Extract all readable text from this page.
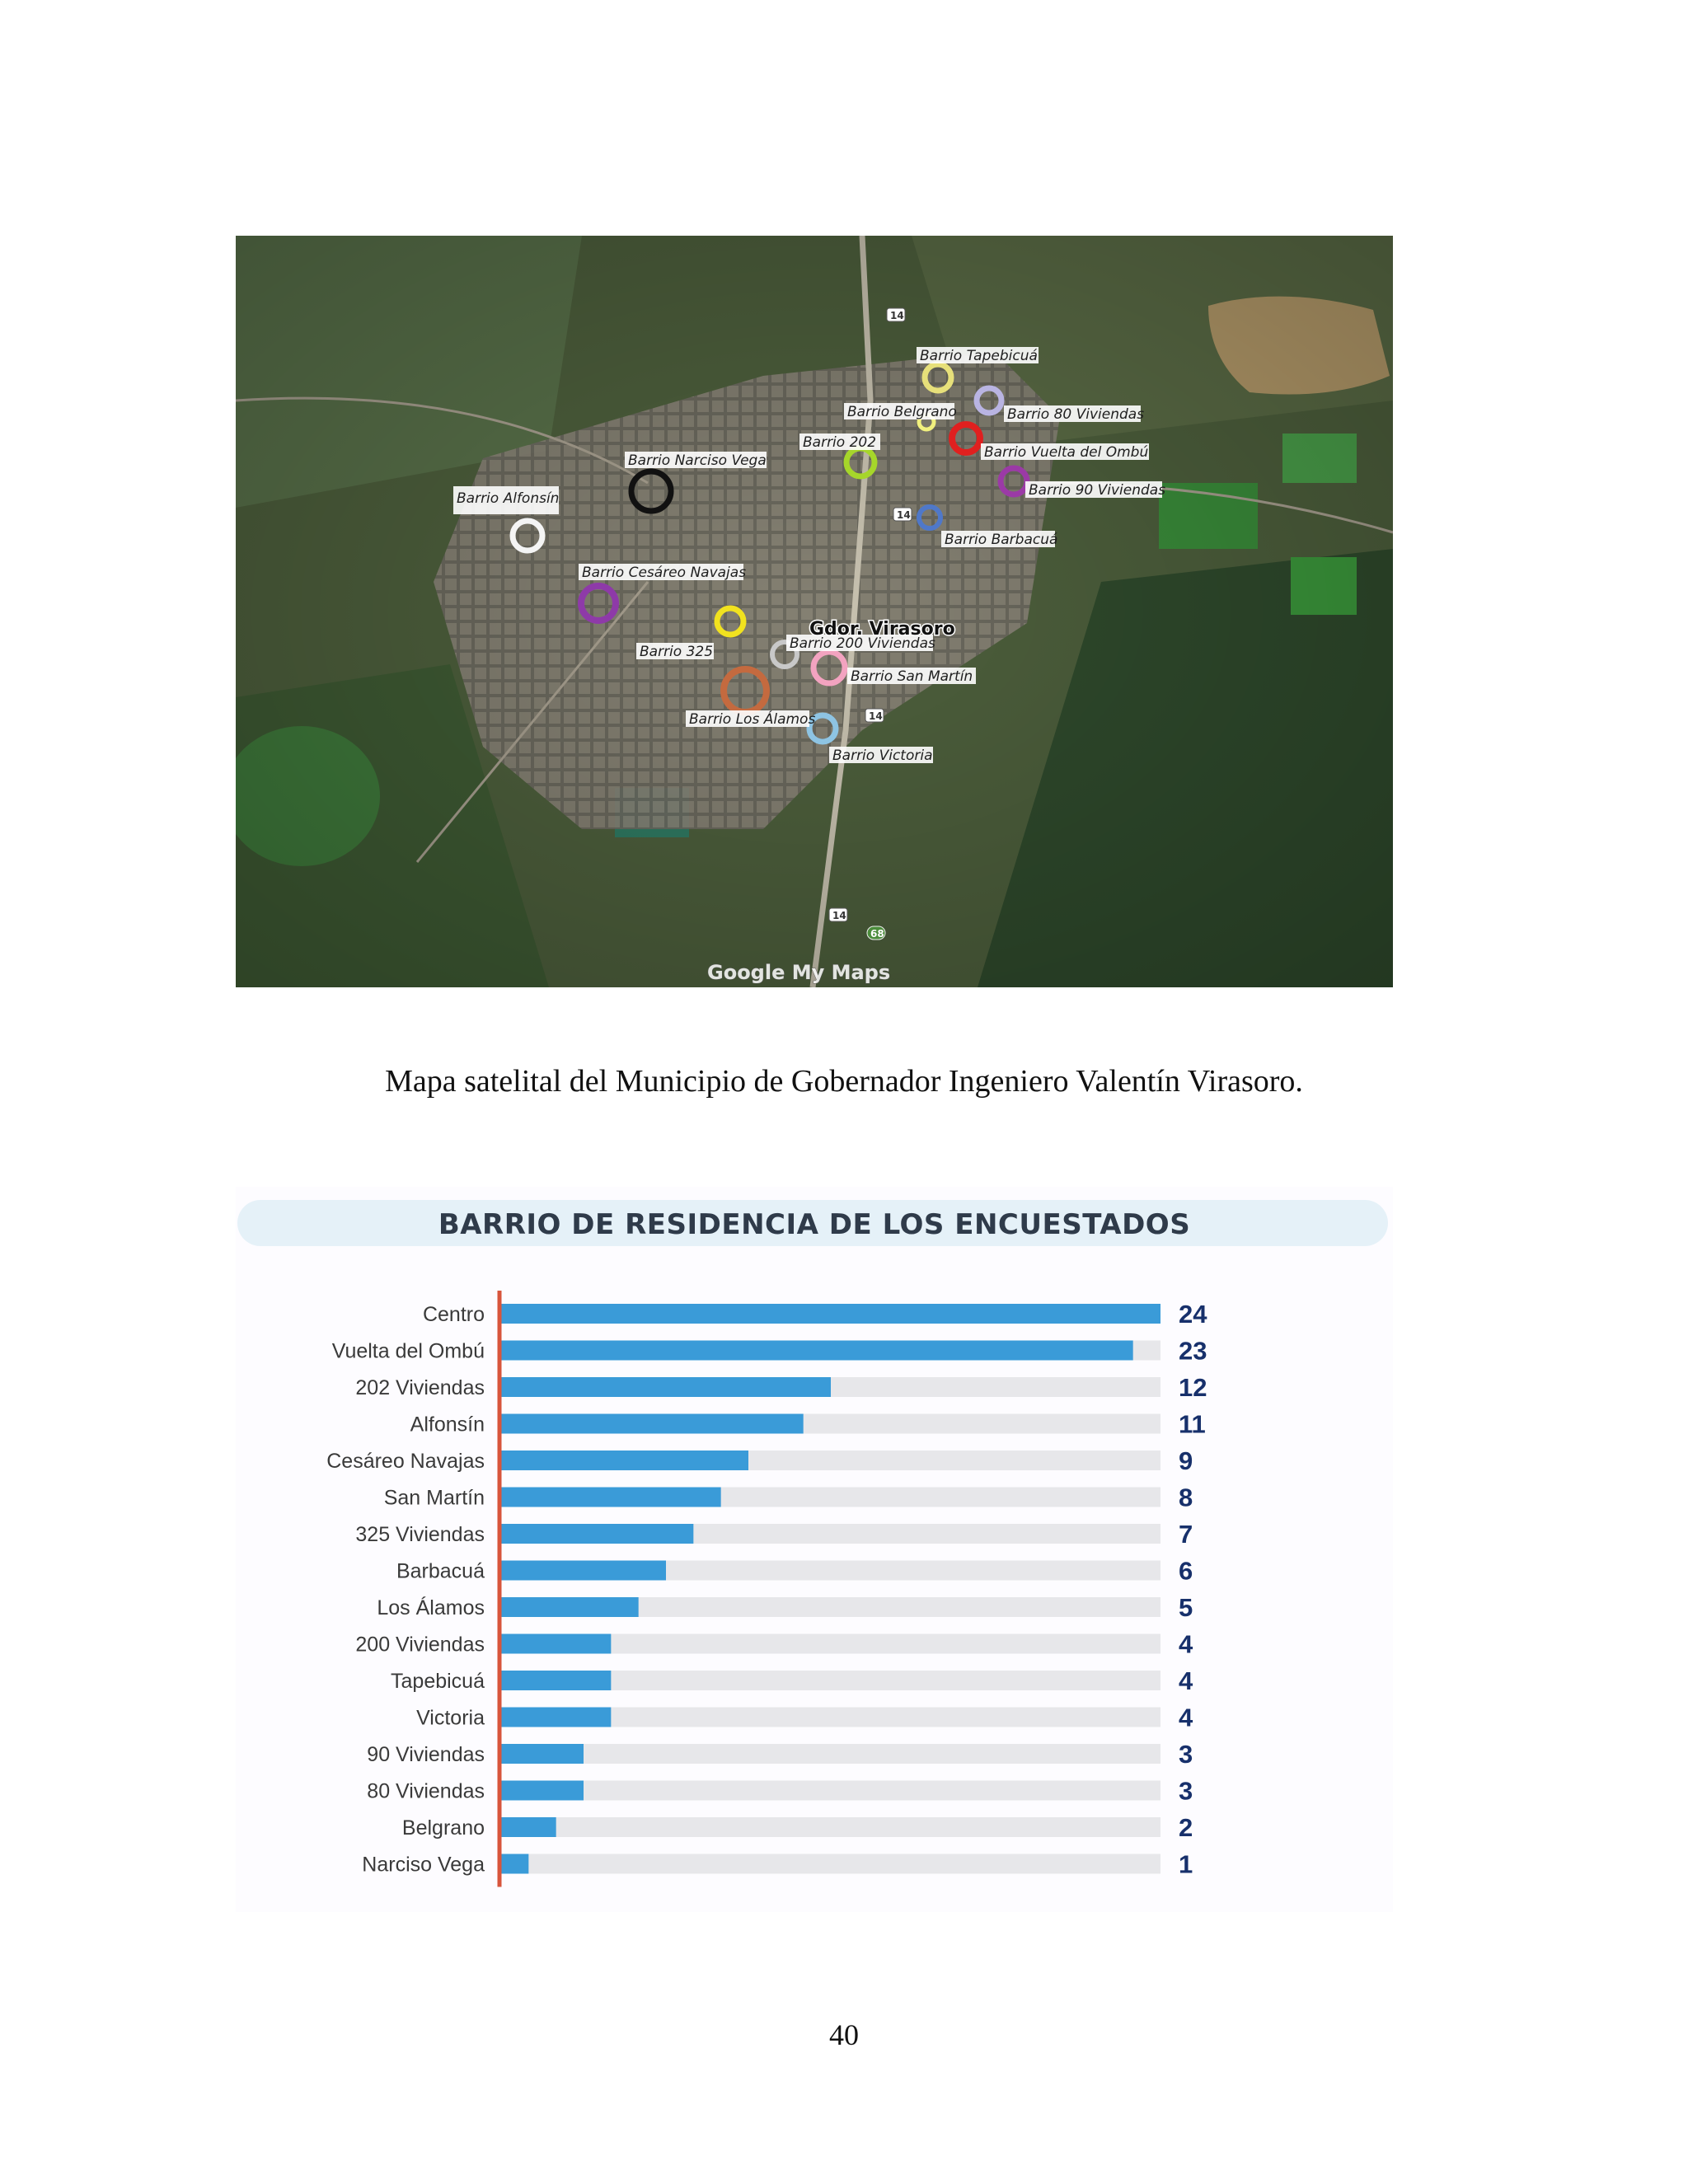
14
14
14
14
68
Barrio Tapebicuá
Barrio Belgrano	Barrio 80 Viviendas
Barrio 202
Barrio Vuelta del Ombú
Barrio Narciso Vega
Barrio 90 Viviendas
Barrio Alfonsín
Barrio Barbacuá
Barrio Cesáreo Navajas
Barrio 325	Barrio 200 Viviendas
Barrio San Martín
Barrio Los Álamos
Barrio Victoria
Gdor. Virasoro
Google My Maps
Mapa satelital del Municipio de Gobernador Ingeniero Valentín Virasoro.
BARRIO DE RESIDENCIA DE LOS ENCUESTADOS
Centro	24
Vuelta del Ombú	23
202 Viviendas	12
Alfonsín	11
Cesáreo Navajas	9
San Martín	8
325 Viviendas	7
Barbacuá	6
Los Álamos	5
200 Viviendas	4
Tapebicuá	4
Victoria	4
90 Viviendas	3
80 Viviendas	3
Belgrano	2
Narciso Vega	1
40
